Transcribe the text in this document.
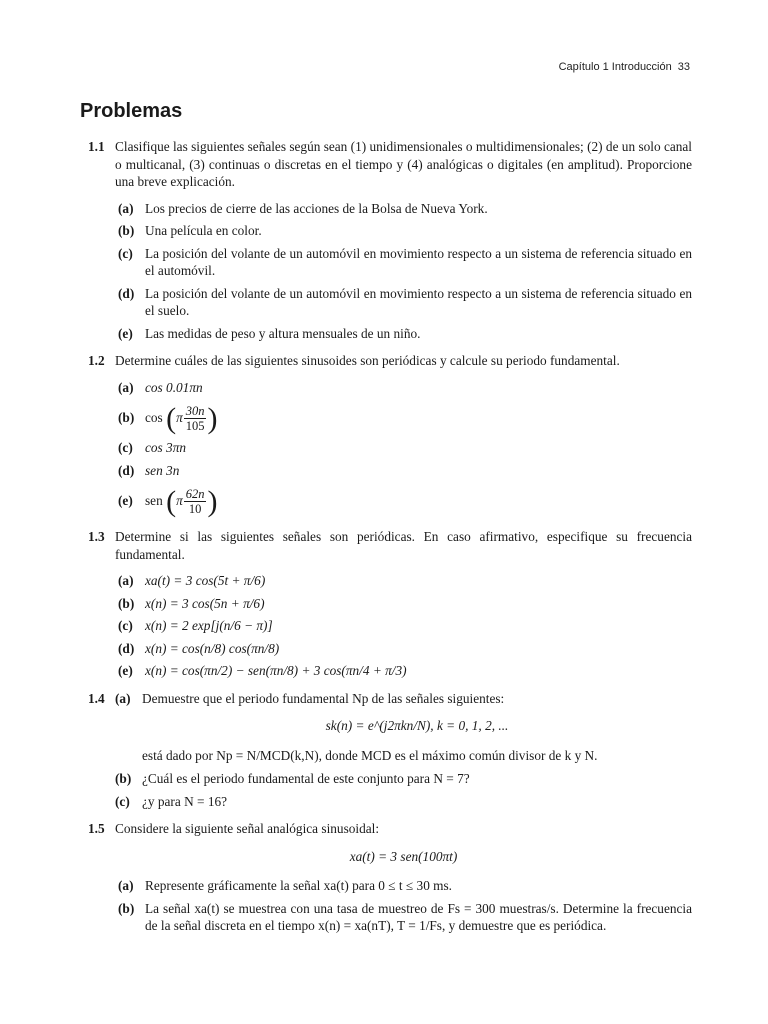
Capítulo 1 Introducción 33
Problemas
1.1 Clasifique las siguientes señales según sean (1) unidimensionales o multidimensionales; (2) de un solo canal o multicanal, (3) continuas o discretas en el tiempo y (4) analógicas o digitales (en amplitud). Proporcione una breve explicación.
(a) Los precios de cierre de las acciones de la Bolsa de Nueva York.
(b) Una película en color.
(c) La posición del volante de un automóvil en movimiento respecto a un sistema de referencia situado en el automóvil.
(d) La posición del volante de un automóvil en movimiento respecto a un sistema de referencia situado en el suelo.
(e) Las medidas de peso y altura mensuales de un niño.
1.2 Determine cuáles de las siguientes sinusoides son periódicas y calcule su periodo fundamental.
(a) cos 0.01πn
(b) $\cos (\pi \frac{30n}{105}$ )
(c) cos 3πn
(d) sen 3n
(e) sen ($\pi \frac{62n}{10}$ )
1.3 Determine si las siguientes señales son periódicas. En caso afirmativo, especifique su frecuencia fundamental.
(a) xa(t) = 3 cos(5t + π/6)
(b) x(n) = 3 cos(5n + π/6)
(c) x(n) = 2 exp[j(n/6 − π)]
(d) x(n) = cos(n/8) cos(πn/8)
(e) x(n) = cos(πn/2) − sen(πn/8) + 3 cos(πn/4 + π/3)
1.4 (a) Demuestre que el periodo fundamental Np de las señales siguientes:
sk(n) = e^(j2πkn/N), k = 0, 1, 2, ...
está dado por Np = N/MCD(k,N), donde MCD es el máximo común divisor de k y N.
(b) ¿Cuál es el periodo fundamental de este conjunto para N = 7?
(c) ¿y para N = 16?
1.5 Considere la siguiente señal analógica sinusoidal:
xa(t) = 3 sen(100πt)
(a) Represente gráficamente la señal xa(t) para 0 ≤ t ≤ 30 ms.
(b) La señal xa(t) se muestrea con una tasa de muestreo de Fs = 300 muestras/s. Determine la frecuencia de la señal discreta en el tiempo x(n) = xa(nT), T = 1/Fs, y demuestre que es periódica.
